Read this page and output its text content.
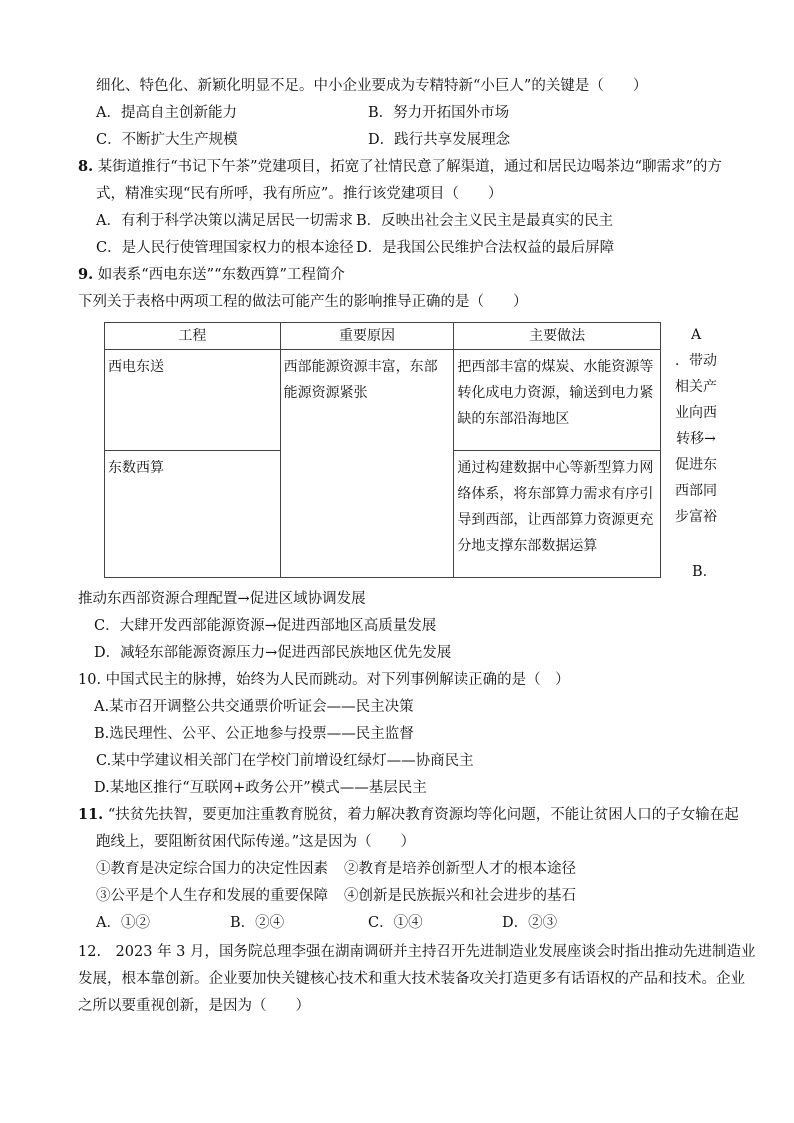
细化、特色化、新颖化明显不足。中小企业要成为专精特新“小巨人”的关键是（　　）
A．提高自主创新能力	B．努力开拓国外市场
C．不断扩大生产规模	D．践行共享发展理念
8. 某街道推行“书记下午茶”党建项目，拓宽了社情民意了解渠道，通过和居民边喝茶边“聊需求”的方
式，精准实现“民有所呼，我有所应”。推行该党建项目（　　）
A．有利于科学决策以满足居民一切需求 B．反映出社会主义民主是最真实的民主
C．是人民行使管理国家权力的根本途径 D．是我国公民维护合法权益的最后屏障
9. 如表系“西电东送”“东数西算”工程简介
下列关于表格中两项工程的做法可能产生的影响推导正确的是（　　）
工程	重要原因	主要做法
西电东送	西部能源资源丰富，东部能源资源紧张	把西部丰富的煤炭、水能资源等转化成电力资源，输送到电力紧缺的东部沿海地区
东数西算		通过构建数据中心等新型算力网络体系，将东部算力需求有序引导到西部，让西部算力资源更充分地支撑东部数据运算
A
．带动
相关产
业向西
转移→
促进东
西部同
步富裕
B．
推动东西部资源合理配置→促进区域协调发展
C．大肆开发西部能源资源→促进西部地区高质量发展
D．减轻东部能源资源压力→促进西部民族地区优先发展
10. 中国式民主的脉搏，始终为人民而跳动。对下列事例解读正确的是（　）
A.某市召开调整公共交通票价听证会——民主决策
B.选民理性、公平、公正地参与投票——民主监督
C.某中学建议相关部门在学校门前增设红绿灯——协商民主
D.某地区推行“互联网+政务公开”模式——基层民主
11. “扶贫先扶智，要更加注重教育脱贫，着力解决教育资源均等化问题，不能让贫困人口的子女输在起
跑线上，要阻断贫困代际传递。”这是因为（　　）
①教育是决定综合国力的决定性因素 ②教育是培养创新型人才的根本途径
③公平是个人生存和发展的重要保障 ④创新是民族振兴和社会进步的基石
A．①②	B．②④	C．①④	D．②③
12.　2023 年 3 月，国务院总理李强在湖南调研并主持召开先进制造业发展座谈会时指出推动先进制造业
发展，根本靠创新。企业要加快关键核心技术和重大技术装备攻关打造更多有话语权的产品和技术。企业
之所以要重视创新，是因为（　　）
